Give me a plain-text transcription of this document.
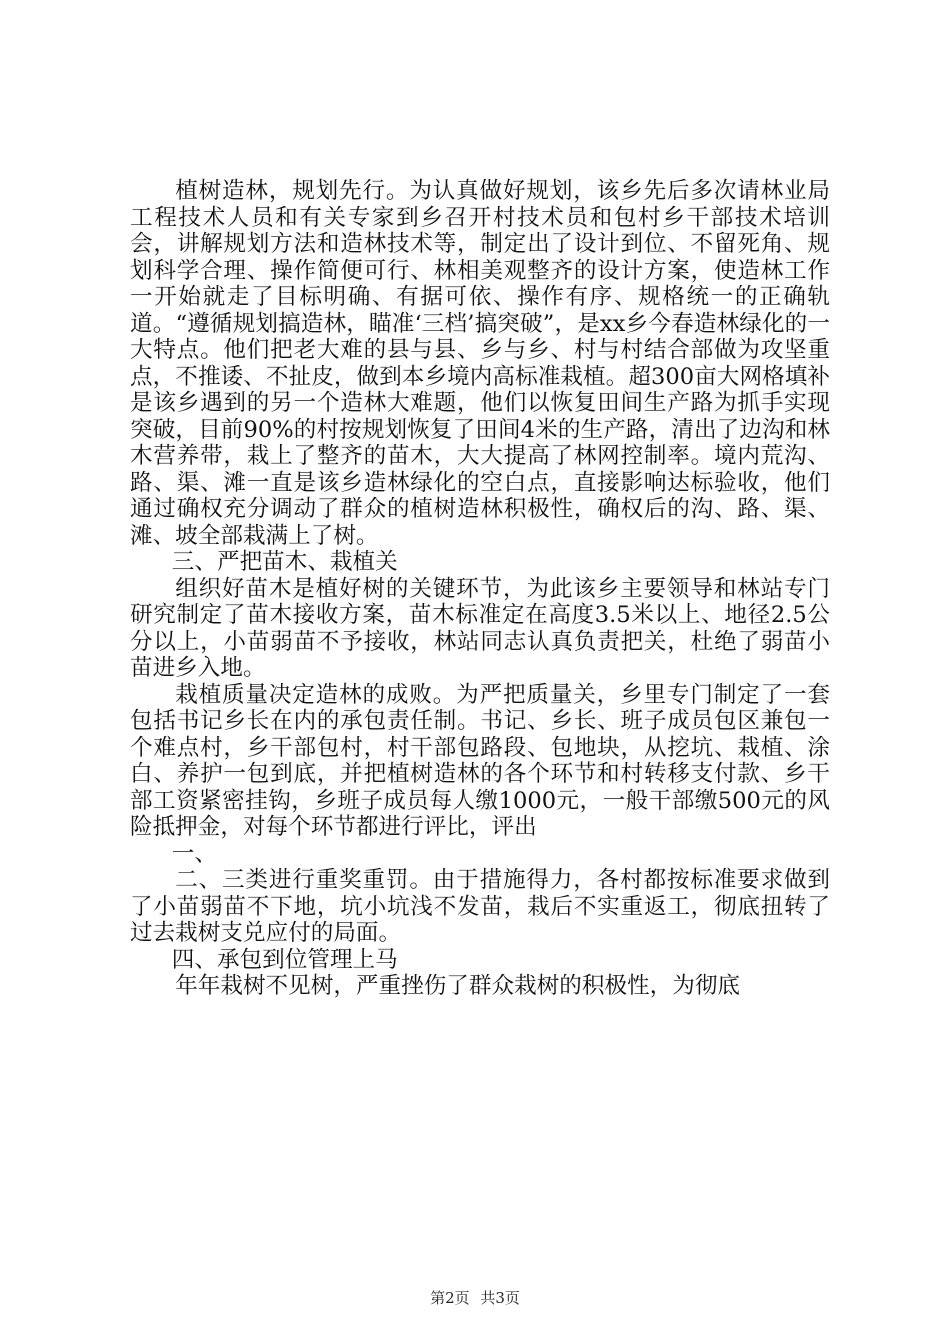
植树造林，规划先行。为认真做好规划，该乡先后多次请林业局工程技术人员和有关专家到乡召开村技术员和包村乡干部技术培训会，讲解规划方法和造林技术等，制定出了设计到位、不留死角、规划科学合理、操作简便可行、林相美观整齐的设计方案，使造林工作一开始就走了目标明确、有据可依、操作有序、规格统一的正确轨道。“遵循规划搞造林，瞄准‘三档’搞突破”，是xx乡今春造林绿化的一大特点。他们把老大难的县与县、乡与乡、村与村结合部做为攻坚重点，不推诿、不扯皮，做到本乡境内高标准栽植。超300亩大网格填补是该乡遇到的另一个造林大难题，他们以恢复田间生产路为抓手实现突破，目前90%的村按规划恢复了田间4米的生产路，清出了边沟和林木营养带，栽上了整齐的苗木，大大提高了林网控制率。境内荒沟、路、渠、滩一直是该乡造林绿化的空白点，直接影响达标验收，他们通过确权充分调动了群众的植树造林积极性，确权后的沟、路、渠、滩、坡全部栽满上了树。

三、严把苗木、栽植关

组织好苗木是植好树的关键环节，为此该乡主要领导和林站专门研究制定了苗木接收方案，苗木标准定在高度3.5米以上、地径2.5公分以上，小苗弱苗不予接收，林站同志认真负责把关，杜绝了弱苗小苗进乡入地。

栽植质量决定造林的成败。为严把质量关，乡里专门制定了一套包括书记乡长在内的承包责任制。书记、乡长、班子成员包区兼包一个难点村，乡干部包村，村干部包路段、包地块，从挖坑、栽植、涂白、养护一包到底，并把植树造林的各个环节和村转移支付款、乡干部工资紧密挂钩，乡班子成员每人缴1000元，一般干部缴500元的风险抵押金，对每个环节都进行评比，评出

一、

二、三类进行重奖重罚。由于措施得力，各村都按标准要求做到了小苗弱苗不下地，坑小坑浅不发苗，栽后不实重返工，彻底扭转了过去栽树支兑应付的局面。

四、承包到位管理上马

年年栽树不见树，严重挫伤了群众栽树的积极性，为彻底

第2页 共3页
